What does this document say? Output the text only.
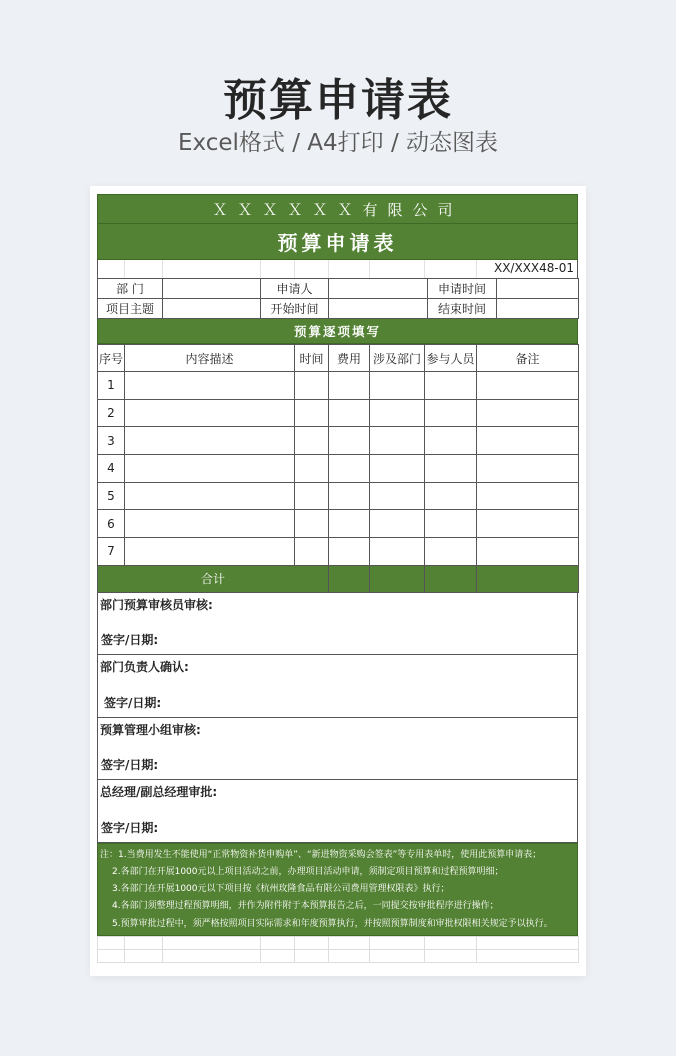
预算申请表
Excel格式 / A4打印 / 动态图表
ＸＸＸＸＸＸ有限公司
预算申请表
XX/XXX48-01
部 门		申请人		申请时间	
项目主题		开始时间		结束时间	
预算逐项填写
序号	内容描述	时间	费用	涉及部门	参与人员	备注
1						
2						
3						
4						
5						
6						
7						
合计						
部门预算审核员审核:
签字/日期:
部门负责人确认:
签字/日期:
预算管理小组审核:
签字/日期:
总经理/副总经理审批:
签字/日期:
注：1.当费用发生不能使用“正常物资补货申购单”、“新进物资采购会签表”等专用表单时，使用此预算申请表；
2.各部门在开展1000元以上项目活动之前，办理项目活动申请，须制定项目预算和过程预算明细；
3.各部门在开展1000元以下项目按《杭州玫隆食品有限公司费用管理权限表》执行；
4.各部门须整理过程预算明细，并作为附件附于本预算报告之后，一同提交按审批程序进行操作；
5.预算审批过程中，须严格按照项目实际需求和年度预算执行，并按照预算制度和审批权限相关规定予以执行。
